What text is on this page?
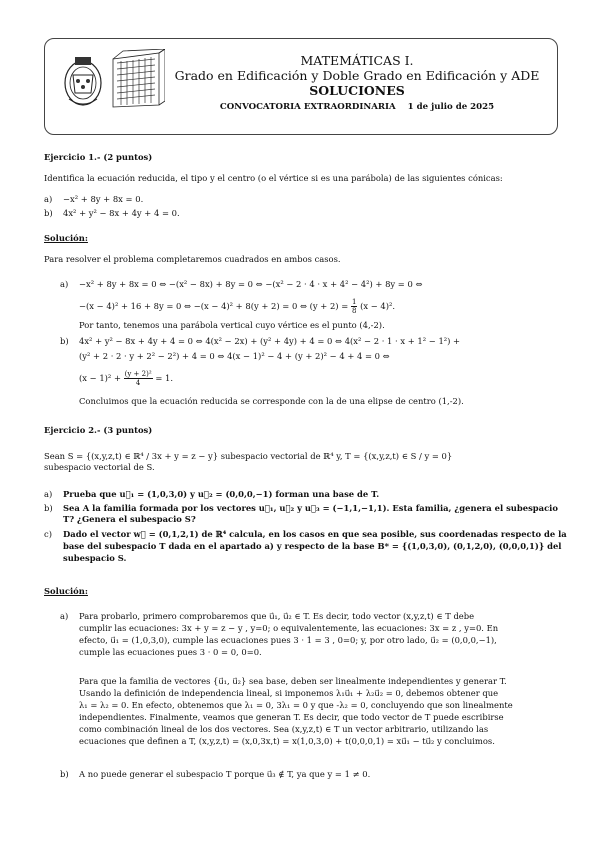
MATEMÁTICAS I.
Grado en Edificación y Doble Grado en Edificación y ADE
SOLUCIONES
CONVOCATORIA EXTRAORDINARIA    1 de julio de 2025
Ejercicio 1.- (2 puntos)
Identifica la ecuación reducida, el tipo y el centro (o el vértice si es una parábola) de las siguientes cónicas:
a) −x² + 8y + 8x = 0.
b) 4x² + y² − 8x + 4y + 4 = 0.
Solución:
Para resolver el problema completaremos cuadrados en ambos casos.
a) −x² + 8y + 8x = 0 ⇔ −(x² − 8x) + 8y = 0 ⇔ −(x² − 2 · 4 · x + 4² − 4²) + 8y = 0 ⇔
−(x − 4)² + 16 + 8y = 0 ⇔ −(x − 4)² + 8(y + 2) = 0 ⇔ $(y + 2) = \frac{1}{8} (x - 4)^2$.
Por tanto, tenemos una parábola vertical cuyo vértice es el punto (4,-2).
b) 4x² + y² − 8x + 4y + 4 = 0 ⇔ 4(x² − 2x) + (y² + 4y) + 4 = 0 ⇔ 4(x² − 2 · 1 · x + 1² − 1²) +
(y² + 2 · 2 · y + 2² − 2²) + 4 = 0 ⇔ 4(x − 1)² − 4 + (y + 2)² − 4 + 4 = 0 ⇔
$(x - 1)^2 + \frac{\text{(y + 2)²}}{4} = 1$.
Concluimos que la ecuación reducida se corresponde con la de una elipse de centro (1,-2).
Ejercicio 2.- (3 puntos)
Sean S = {(x,y,z,t) ∈ ℝ⁴ / 3x + y = z − y} subespacio vectorial de ℝ⁴ y, T = {(x,y,z,t) ∈ S / y = 0}
subespacio vectorial de S.
a) Prueba que u⃗₁ = (1,0,3,0) y u⃗₂ = (0,0,0,−1) forman una base de T.
b) Sea A la familia formada por los vectores u⃗₁, u⃗₂ y u⃗₃ = (−1,1,−1,1). Esta familia, ¿genera el subespacio
T? ¿Genera el subespacio S?
c) Dado el vector w⃗ = (0,1,2,1) de ℝ⁴ calcula, en los casos en que sea posible, sus coordenadas respecto de la
base del subespacio T dada en el apartado a) y respecto de la base B* = {(1,0,3,0), (0,1,2,0), (0,0,0,1)} del
subespacio S.
Solución:
a) Para probarlo, primero comprobaremos que u⃗₁, u⃗₂ ∈ T. Es decir, todo vector (x,y,z,t) ∈ T debe
cumplir las ecuaciones: 3x + y = z − y , y=0; o equivalentemente, las ecuaciones: 3x = z , y=0. En
efecto, u⃗₁ = (1,0,3,0), cumple las ecuaciones pues 3 · 1 = 3 , 0=0; y, por otro lado, u⃗₂ = (0,0,0,−1),
cumple las ecuaciones pues 3 · 0 = 0, 0=0.
Para que la familia de vectores {u⃗₁, u⃗₂} sea base, deben ser linealmente independientes y generar T.
Usando la definición de independencia lineal, si imponemos λ₁u⃗₁ + λ₂u⃗₂ = 0, debemos obtener que
λ₁ = λ₂ = 0. En efecto, obtenemos que λ₁ = 0, 3λ₁ = 0 y que -λ₂ = 0, concluyendo que son linealmente
independientes. Finalmente, veamos que generan T. Es decir, que todo vector de T puede escribirse
como combinación lineal de los dos vectores. Sea (x,y,z,t) ∈ T un vector arbitrario, utilizando las
ecuaciones que definen a T, (x,y,z,t) = (x,0,3x,t) = x(1,0,3,0) + t(0,0,0,1) = xu⃗₁ − tu⃗₂ y concluimos.
b) A no puede generar el subespacio T porque u⃗₃ ∉ T, ya que y = 1 ≠ 0.
